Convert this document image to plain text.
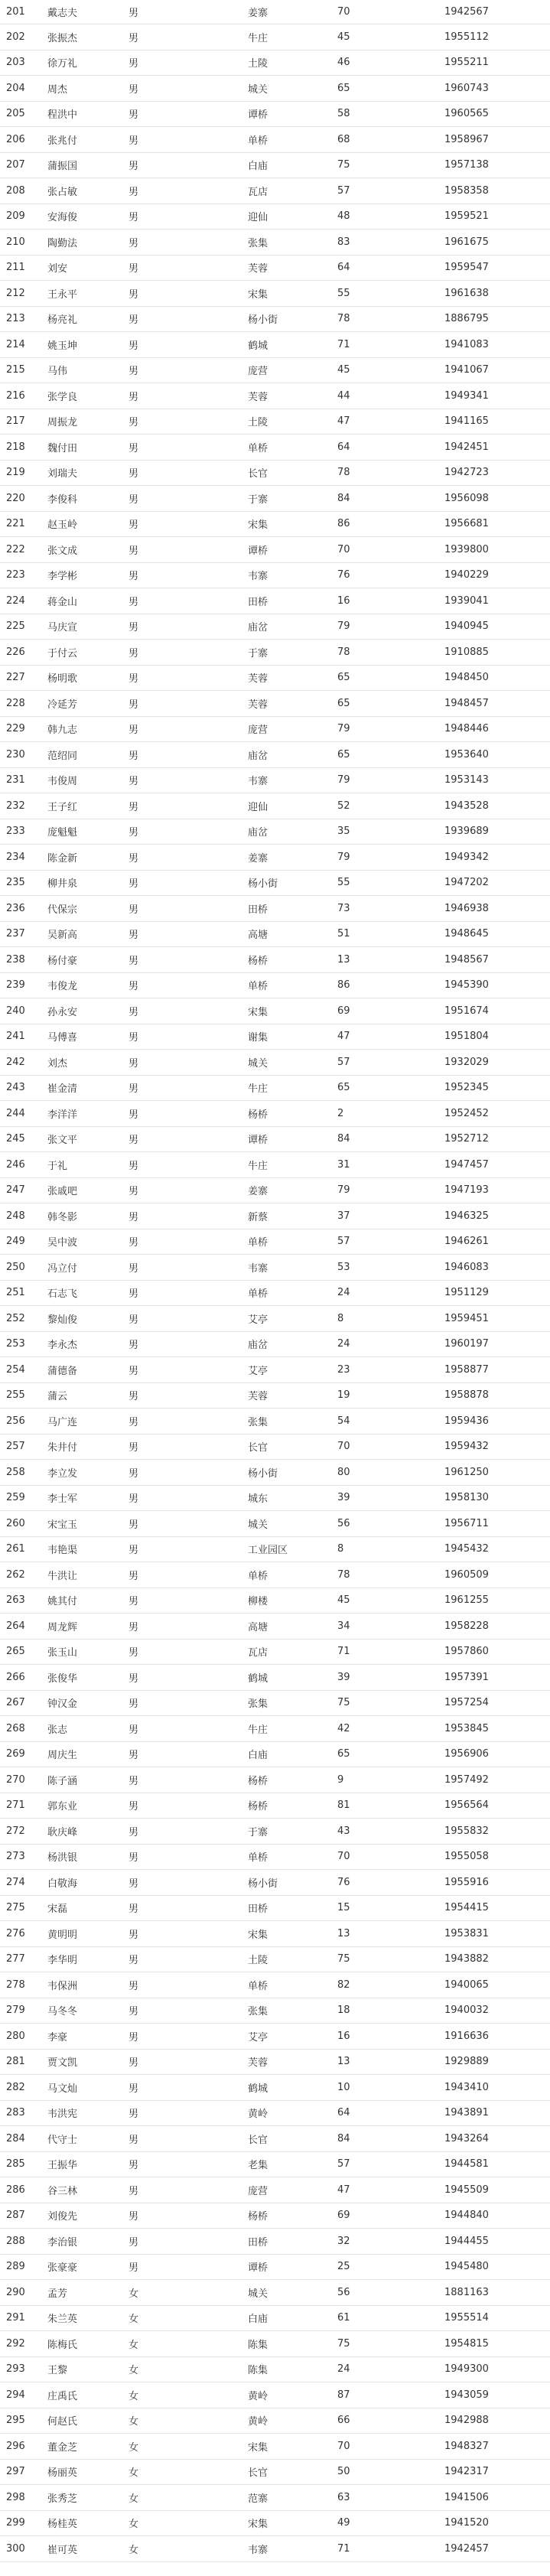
201	戴志夫	男	姜寨	70	1942567
202	张振杰	男	牛庄	45	1955112
203	徐万礼	男	土陵	46	1955211
204	周杰	男	城关	65	1960743
205	程洪中	男	谭桥	58	1960565
206	张兆付	男	单桥	68	1958967
207	蒲振国	男	白庙	75	1957138
208	张占敏	男	瓦店	57	1958358
209	安海俊	男	迎仙	48	1959521
210	陶勤法	男	张集	83	1961675
211	刘安	男	芙蓉	64	1959547
212	王永平	男	宋集	55	1961638
213	杨亮礼	男	杨小街	78	1886795
214	姚玉坤	男	鹤城	71	1941083
215	马伟	男	庞营	45	1941067
216	张学良	男	芙蓉	44	1949341
217	周振龙	男	土陵	47	1941165
218	魏付田	男	单桥	64	1942451
219	刘瑞夫	男	长官	78	1942723
220	李俊科	男	于寨	84	1956098
221	赵玉岭	男	宋集	86	1956681
222	张文成	男	谭桥	70	1939800
223	李学彬	男	韦寨	76	1940229
224	蒋金山	男	田桥	16	1939041
225	马庆宣	男	庙岔	79	1940945
226	于付云	男	于寨	78	1910885
227	杨明歌	男	芙蓉	65	1948450
228	冷延芳	男	芙蓉	65	1948457
229	韩九志	男	庞营	79	1948446
230	范绍同	男	庙岔	65	1953640
231	韦俊周	男	韦寨	79	1953143
232	王子红	男	迎仙	52	1943528
233	庞魁魁	男	庙岔	35	1939689
234	陈金新	男	姜寨	79	1949342
235	柳井泉	男	杨小街	55	1947202
236	代保宗	男	田桥	73	1946938
237	吴新高	男	高塘	51	1948645
238	杨付豪	男	杨桥	13	1948567
239	韦俊龙	男	单桥	86	1945390
240	孙永安	男	宋集	69	1951674
241	马傅喜	男	谢集	47	1951804
242	刘杰	男	城关	57	1932029
243	崔金清	男	牛庄	65	1952345
244	李洋洋	男	杨桥	2	1952452
245	张文平	男	谭桥	84	1952712
246	于礼	男	牛庄	31	1947457
247	张戚吧	男	姜寨	79	1947193
248	韩冬影	男	新蔡	37	1946325
249	吴中波	男	单桥	57	1946261
250	冯立付	男	韦寨	53	1946083
251	石志飞	男	单桥	24	1951129
252	黎灿俊	男	艾亭	8	1959451
253	李永杰	男	庙岔	24	1960197
254	蒲德备	男	艾亭	23	1958877
255	蒲云	男	芙蓉	19	1958878
256	马广连	男	张集	54	1959436
257	朱井付	男	长官	70	1959432
258	李立发	男	杨小街	80	1961250
259	李士军	男	城东	39	1958130
260	宋宝玉	男	城关	56	1956711
261	韦艳渠	男	工业园区	8	1945432
262	牛洪让	男	单桥	78	1960509
263	姚其付	男	柳楼	45	1961255
264	周龙辉	男	高塘	34	1958228
265	张玉山	男	瓦店	71	1957860
266	张俊华	男	鹤城	39	1957391
267	钟汉金	男	张集	75	1957254
268	张志	男	牛庄	42	1953845
269	周庆生	男	白庙	65	1956906
270	陈子涵	男	杨桥	9	1957492
271	郭东业	男	杨桥	81	1956564
272	耿庆峰	男	于寨	43	1955832
273	杨洪银	男	单桥	70	1955058
274	白敬海	男	杨小街	76	1955916
275	宋磊	男	田桥	15	1954415
276	黄明明	男	宋集	13	1953831
277	李华明	男	土陵	75	1943882
278	韦保洲	男	单桥	82	1940065
279	马冬冬	男	张集	18	1940032
280	李豪	男	艾亭	16	1916636
281	贾文凯	男	芙蓉	13	1929889
282	马文灿	男	鹤城	10	1943410
283	韦洪宪	男	黄岭	64	1943891
284	代守士	男	长官	84	1943264
285	王振华	男	老集	57	1944581
286	谷三林	男	庞营	47	1945509
287	刘俊先	男	杨桥	69	1944840
288	李治银	男	田桥	32	1944455
289	张豪豪	男	谭桥	25	1945480
290	孟芳	女	城关	56	1881163
291	朱兰英	女	白庙	61	1955514
292	陈梅氏	女	陈集	75	1954815
293	王黎	女	陈集	24	1949300
294	庄禹氏	女	黄岭	87	1943059
295	何赵氏	女	黄岭	66	1942988
296	董金芝	女	宋集	70	1948327
297	杨丽英	女	长官	50	1942317
298	张秀芝	女	范寨	63	1941506
299	杨桂英	女	宋集	49	1941520
300	崔可英	女	韦寨	71	1942457
